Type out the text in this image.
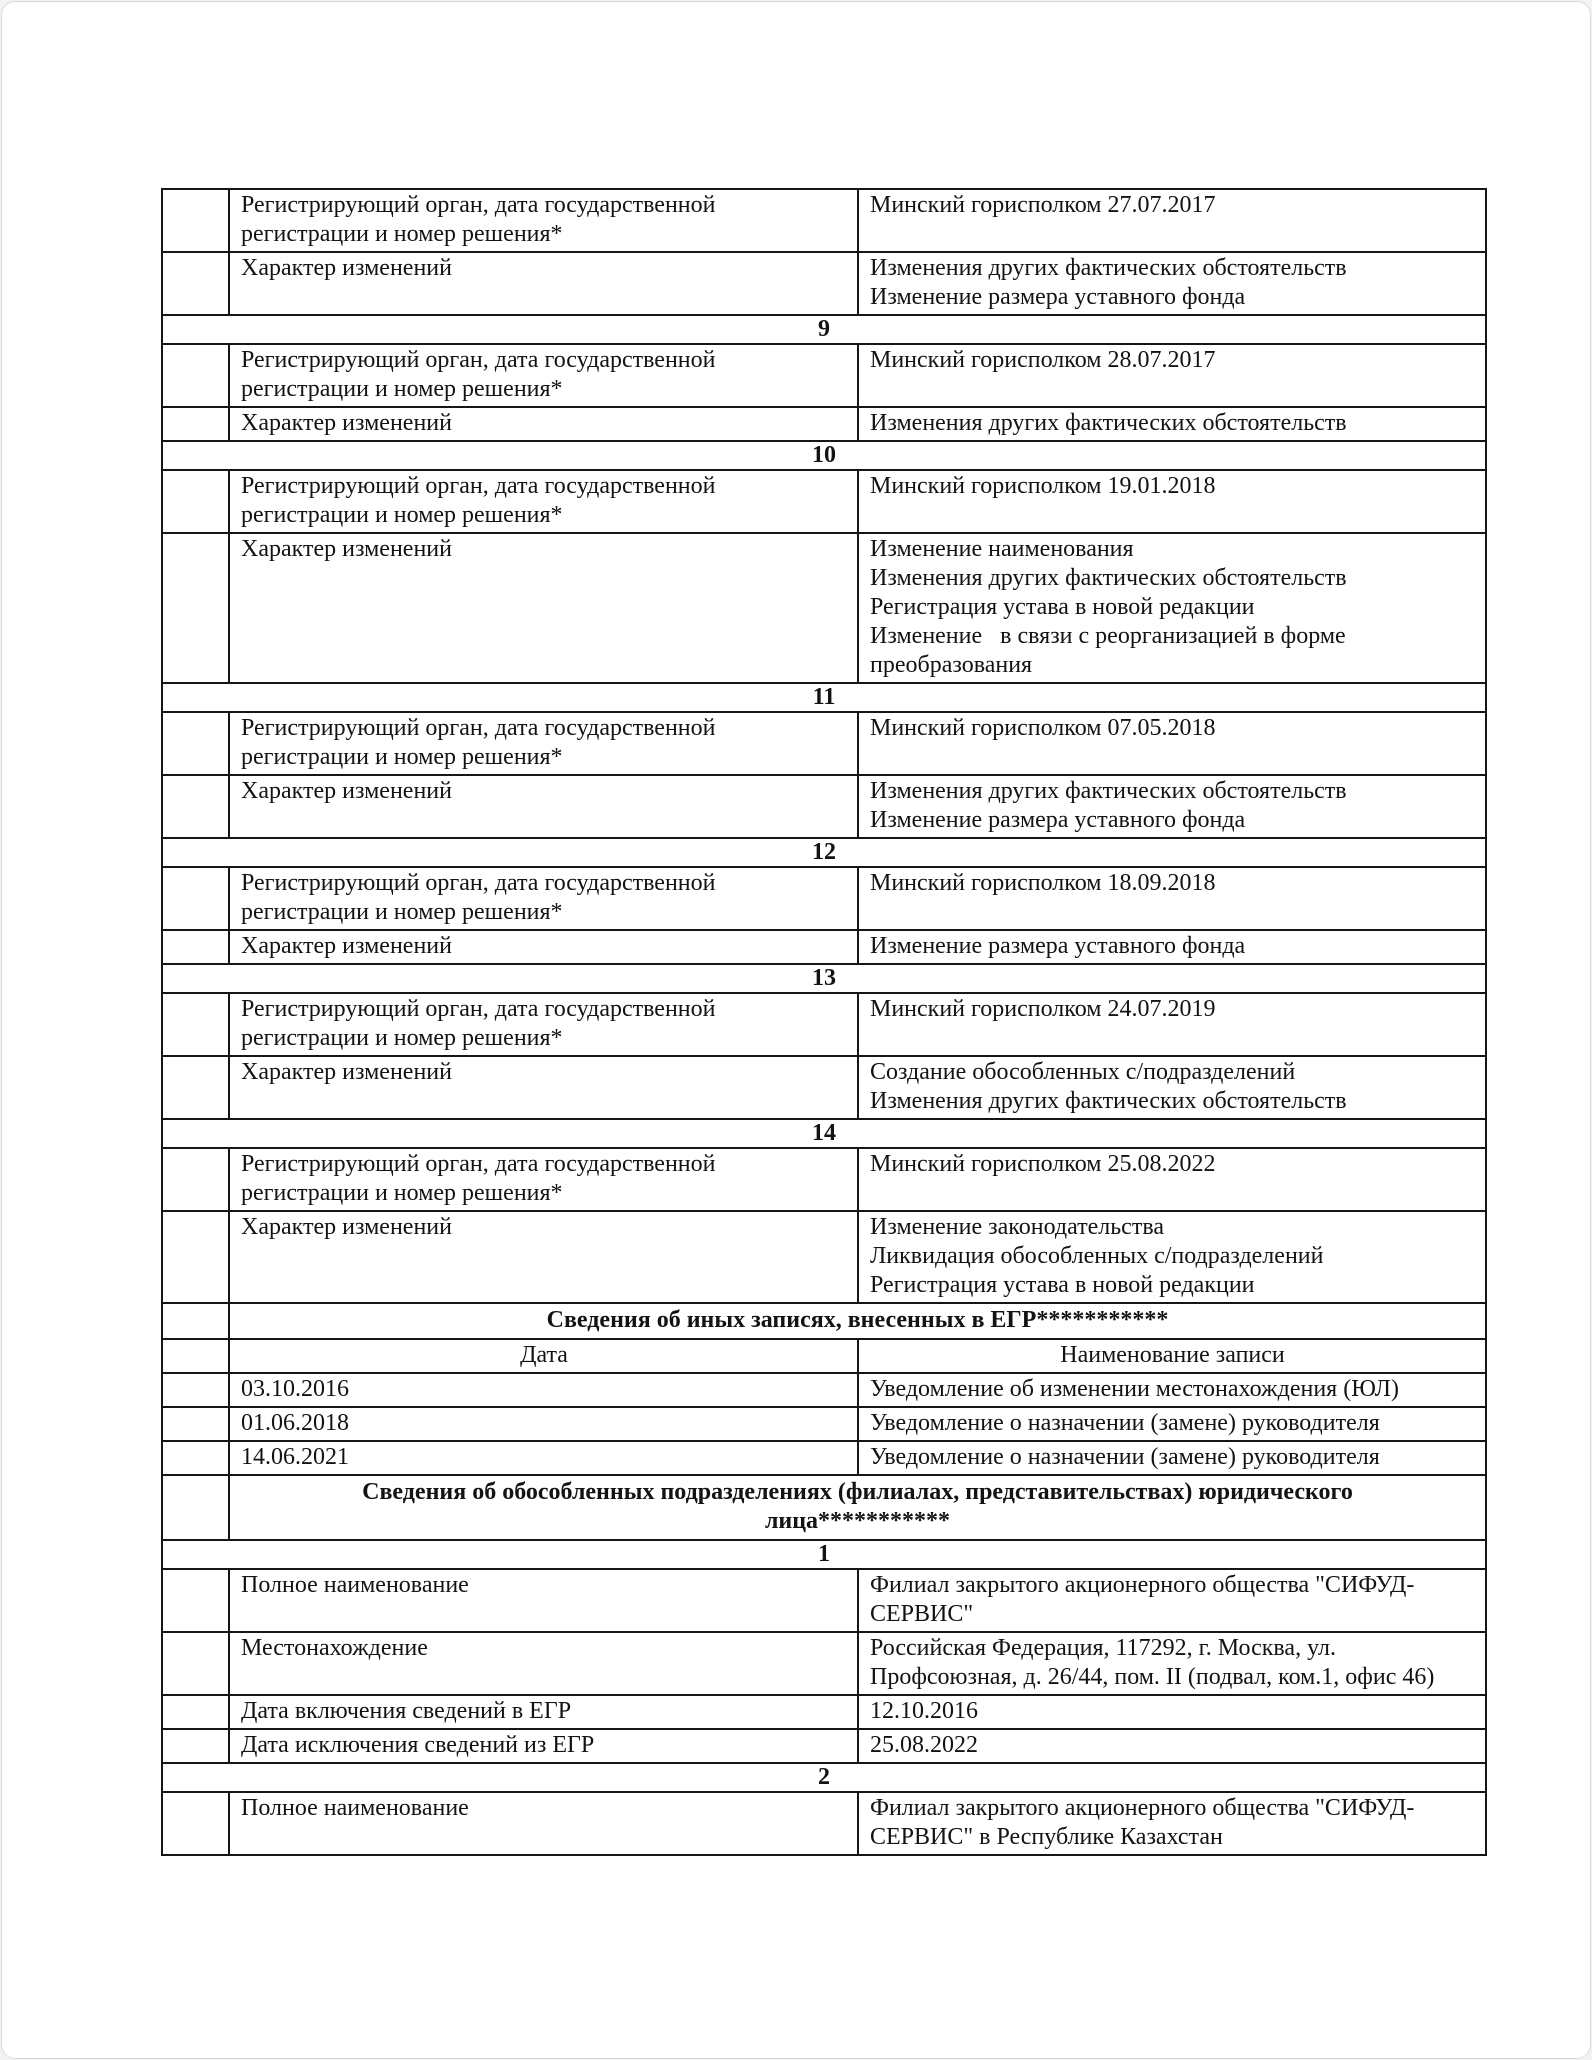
	Регистрирующий орган, дата государственной регистрации и номер решения*	Минский горисполком 27.07.2017
	Характер изменений	Изменения других фактических обстоятельств
Изменение размера уставного фонда

9		
	Регистрирующий орган, дата государственной регистрации и номер решения*	Минский горисполком 28.07.2017
	Характер изменений	Изменения других фактических обстоятельств

10		
	Регистрирующий орган, дата государственной регистрации и номер решения*	Минский горисполком 19.01.2018
	Характер изменений	Изменение наименования
Изменения других фактических обстоятельств
Регистрация устава в новой редакции
Изменение   в связи с реорганизацией в форме преобразования

11		
	Регистрирующий орган, дата государственной регистрации и номер решения*	Минский горисполком 07.05.2018
	Характер изменений	Изменения других фактических обстоятельств
Изменение размера уставного фонда

12		
	Регистрирующий орган, дата государственной регистрации и номер решения*	Минский горисполком 18.09.2018
	Характер изменений	Изменение размера уставного фонда

13		
	Регистрирующий орган, дата государственной регистрации и номер решения*	Минский горисполком 24.07.2019
	Характер изменений	Создание обособленных с/подразделений
Изменения других фактических обстоятельств

14		
	Регистрирующий орган, дата государственной регистрации и номер решения*	Минский горисполком 25.08.2022
	Характер изменений	Изменение законодательства
Ликвидация обособленных с/подразделений
Регистрация устава в новой редакции

	Сведения об иных записях, внесенных в ЕГР***********	
	Дата	Наименование записи
	03.10.2016	Уведомление об изменении местонахождения (ЮЛ)
	01.06.2018	Уведомление о назначении (замене) руководителя
	14.06.2021	Уведомление о назначении (замене) руководителя

	Сведения об обособленных подразделениях (филиалах, представительствах) юридического лица***********	

1		
	Полное наименование	Филиал закрытого акционерного общества "СИФУД-СЕРВИС"
	Местонахождение	Российская Федерация, 117292, г. Москва, ул. Профсоюзная, д. 26/44, пом. II (подвал, ком.1, офис 46)
	Дата включения сведений в ЕГР	12.10.2016
	Дата исключения сведений из ЕГР	25.08.2022
2		
	Полное наименование	Филиал закрытого акционерного общества "СИФУД-СЕРВИС" в Республике Казахстан
